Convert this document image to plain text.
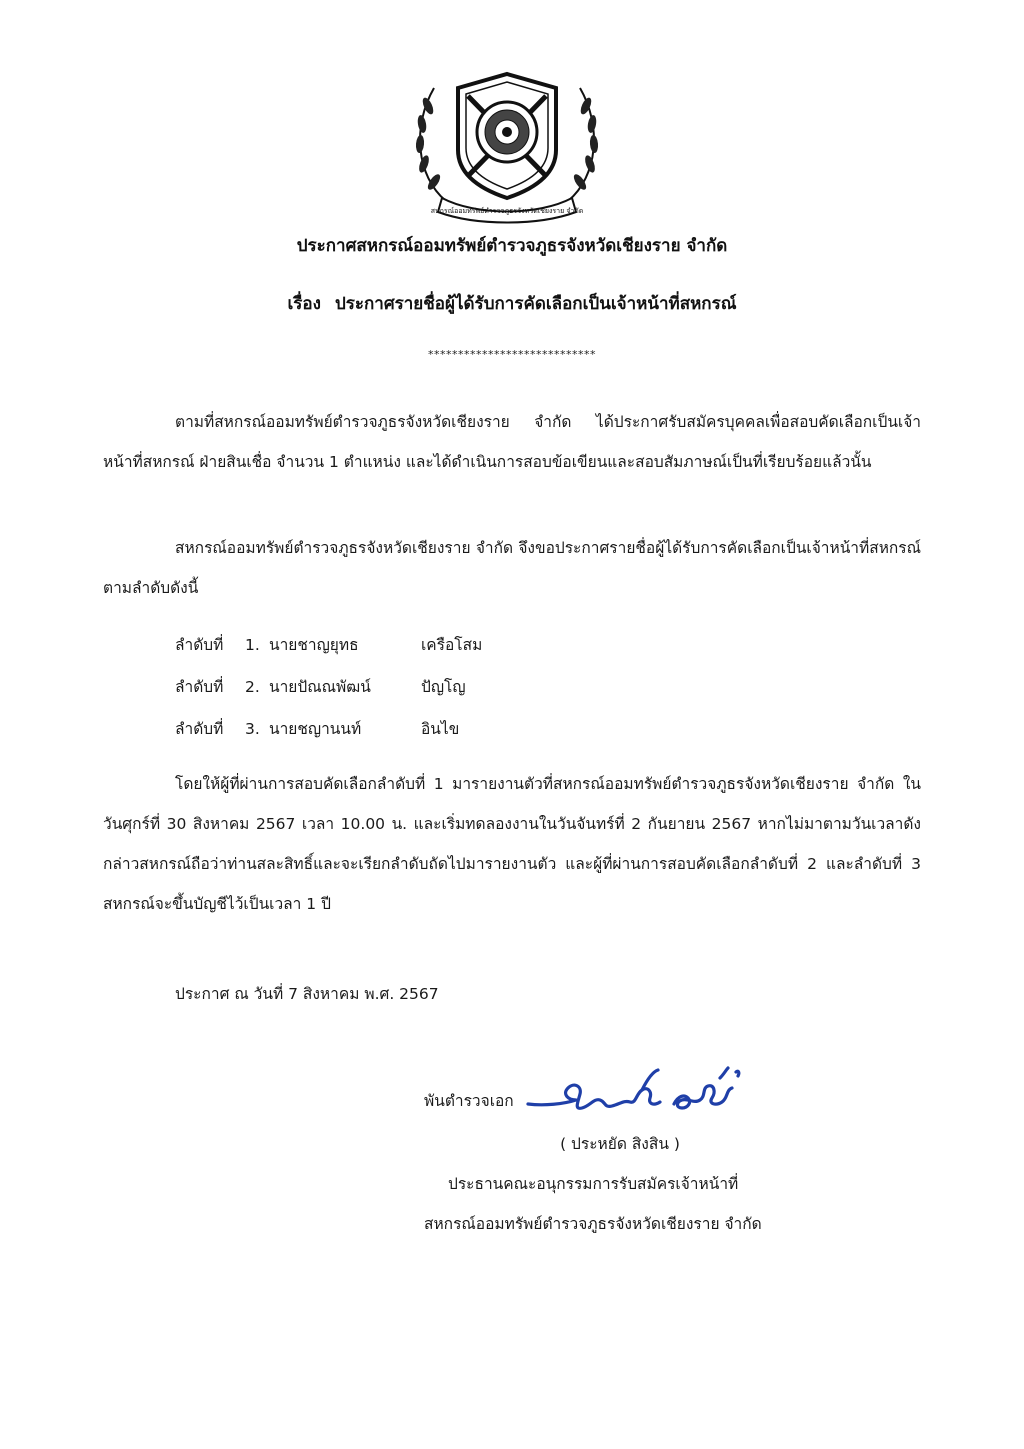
สหกรณ์ออมทรัพย์ตำรวจภูธรจังหวัดเชียงราย จำกัด
ประกาศสหกรณ์ออมทรัพย์ตำรวจภูธรจังหวัดเชียงราย จำกัด
เรื่อง ประกาศรายชื่อผู้ได้รับการคัดเลือกเป็นเจ้าหน้าที่สหกรณ์
****************************
ตามที่สหกรณ์ออมทรัพย์ตำรวจภูธรจังหวัดเชียงราย จำกัด ได้ประกาศรับสมัครบุคคลเพื่อสอบคัดเลือกเป็นเจ้าหน้าที่สหกรณ์ ฝ่ายสินเชื่อ จำนวน 1 ตำแหน่ง และได้ดำเนินการสอบข้อเขียนและสอบสัมภาษณ์เป็นที่เรียบร้อยแล้วนั้น
สหกรณ์ออมทรัพย์ตำรวจภูธรจังหวัดเชียงราย จำกัด จึงขอประกาศรายชื่อผู้ได้รับการคัดเลือกเป็นเจ้าหน้าที่สหกรณ์ ตามลำดับดังนี้
ลำดับที่ 1. นายชาญยุทธ	เครือโสม
ลำดับที่ 2. นายปัณณพัฒน์	ปัญโญ
ลำดับที่ 3. นายชญานนท์	อินไข
โดยให้ผู้ที่ผ่านการสอบคัดเลือกลำดับที่ 1 มารายงานตัวที่สหกรณ์ออมทรัพย์ตำรวจภูธรจังหวัดเชียงราย จำกัด ในวันศุกร์ที่ 30 สิงหาคม 2567 เวลา 10.00 น. และเริ่มทดลองงานในวันจันทร์ที่ 2 กันยายน 2567 หากไม่มาตามวันเวลาดังกล่าวสหกรณ์ถือว่าท่านสละสิทธิ์และจะเรียกลำดับถัดไปมารายงานตัว และผู้ที่ผ่านการสอบคัดเลือกลำดับที่ 2 และลำดับที่ 3 สหกรณ์จะขึ้นบัญชีไว้เป็นเวลา 1 ปี
ประกาศ ณ วันที่ 7 สิงหาคม พ.ศ. 2567
พันตำรวจเอก
( ประหยัด สิงสิน )
ประธานคณะอนุกรรมการรับสมัครเจ้าหน้าที่
สหกรณ์ออมทรัพย์ตำรวจภูธรจังหวัดเชียงราย จำกัด
